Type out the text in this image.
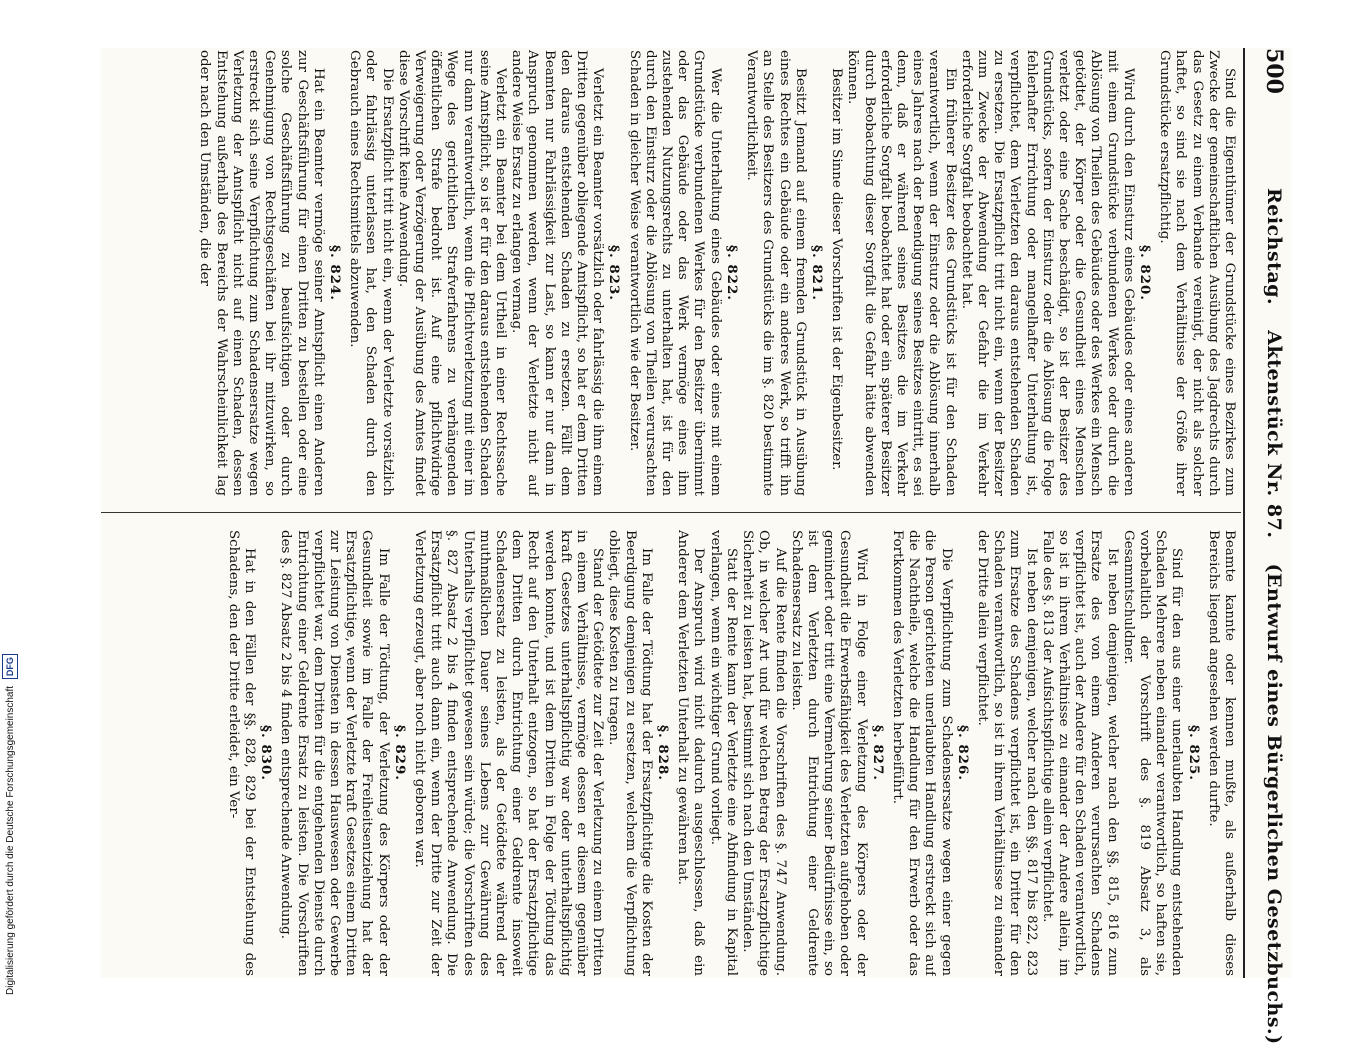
500
Reichstag. Aktenstück Nr. 87. (Entwurf eines Bürgerlichen Gesetzbuchs.)

Sind die Eigenthümer der Grundstücke eines Bezirkes zum Zwecke der gemeinschaftlichen Ausübung des Jagdrechts durch das Gesetz zu einem Verbande vereinigt, der nicht als solcher haftet, so sind sie nach dem Verhältnisse der Größe ihrer Grundstücke ersatzpflichtig.

§. 820.

Wird durch den Einsturz eines Gebäudes oder eines anderen mit einem Grundstücke verbundenen Werkes oder durch die Ablösung von Theilen des Gebäudes oder des Werkes ein Mensch getödtet, der Körper oder die Gesundheit eines Menschen verletzt oder eine Sache beschädigt, so ist der Besitzer des Grundstücks, sofern der Einsturz oder die Ablösung die Folge fehlerhafter Errichtung oder mangelhafter Unterhaltung ist, verpflichtet, dem Verletzten den daraus entstehenden Schaden zu ersetzen. Die Ersatzpflicht tritt nicht ein, wenn der Besitzer zum Zwecke der Abwendung der Gefahr die im Verkehr erforderliche Sorgfalt beobachtet hat.

Ein früherer Besitzer des Grundstücks ist für den Schaden verantwortlich, wenn der Einsturz oder die Ablösung innerhalb eines Jahres nach der Beendigung seines Besitzes eintritt, es sei denn, daß er während seines Besitzes die im Verkehr erforderliche Sorgfalt beobachtet hat oder ein späterer Besitzer durch Beobachtung dieser Sorgfalt die Gefahr hätte abwenden können.

Besitzer im Sinne dieser Vorschriften ist der Eigenbesitzer.

§. 821.

Besitzt Jemand auf einem fremden Grundstück in Ausübung eines Rechtes ein Gebäude oder ein anderes Werk, so trifft ihn an Stelle des Besitzers des Grundstücks die im §. 820 bestimmte Verantwortlichkeit.

§. 822.

Wer die Unterhaltung eines Gebäudes oder eines mit einem Grundstücke verbundenen Werkes für den Besitzer übernimmt oder das Gebäude oder das Werk vermöge eines ihm zustehenden Nutzungsrechts zu unterhalten hat, ist für den durch den Einsturz oder die Ablösung von Theilen verursachten Schaden in gleicher Weise verantwortlich wie der Besitzer.

§. 823.

Verletzt ein Beamter vorsätzlich oder fahrlässig die ihm einem Dritten gegenüber obliegende Amtspflicht, so hat er dem Dritten den daraus entstehenden Schaden zu ersetzen. Fällt dem Beamten nur Fahrlässigkeit zur Last, so kann er nur dann in Anspruch genommen werden, wenn der Verletzte nicht auf andere Weise Ersatz zu erlangen vermag.

Verletzt ein Beamter bei dem Urtheil in einer Rechtssache seine Amtspflicht, so ist er für den daraus entstehenden Schaden nur dann verantwortlich, wenn die Pflichtverletzung mit einer im Wege des gerichtlichen Strafverfahrens zu verhängenden öffentlichen Strafe bedroht ist. Auf eine pflichtwidrige Verweigerung oder Verzögerung der Ausübung des Amtes findet diese Vorschrift keine Anwendung.

Die Ersatzpflicht tritt nicht ein, wenn der Verletzte vorsätzlich oder fahrlässig unterlassen hat, den Schaden durch den Gebrauch eines Rechtsmittels abzuwenden.

§. 824.

Hat ein Beamter vermöge seiner Amtspflicht einen Anderen zur Geschäftsführung für einen Dritten zu bestellen oder eine solche Geschäftsführung zu beaufsichtigen oder durch Genehmigung von Rechtsgeschäften bei ihr mitzuwirken, so erstreckt sich seine Verpflichtung zum Schadensersatze wegen Verletzung der Amtspflicht nicht auf einen Schaden, dessen Entstehung außerhalb des Bereichs der Wahrscheinlichkeit lag oder nach den Umständen, die der

Beamte kannte oder kennen mußte, als außerhalb dieses Bereichs liegend angesehen werden durfte.

§. 825.

Sind für den aus einer unerlaubten Handlung entstehenden Schaden Mehrere neben einander verantwortlich, so haften sie, vorbehaltlich der Vorschrift des §. 819 Absatz 3, als Gesammtschuldner.

Ist neben demjenigen, welcher nach den §§. 815, 816 zum Ersatze des von einem Anderen verursachten Schadens verpflichtet ist, auch der Andere für den Schaden verantwortlich, so ist in ihrem Verhältnisse zu einander der Andere allein, im Falle des §. 813 der Aufsichtspflichtige allein verpflichtet.

Ist neben demjenigen, welcher nach den §§. 817 bis 822, 823 zum Ersatze des Schadens verpflichtet ist, ein Dritter für den Schaden verantwortlich, so ist in ihrem Verhältnisse zu einander der Dritte allein verpflichtet.

§. 826.

Die Verpflichtung zum Schadensersatze wegen einer gegen die Person gerichteten unerlaubten Handlung erstreckt sich auf die Nachtheile, welche die Handlung für den Erwerb oder das Fortkommen des Verletzten herbeiführt.

§. 827.

Wird in Folge einer Verletzung des Körpers oder der Gesundheit die Erwerbsfähigkeit des Verletzten aufgehoben oder gemindert oder tritt eine Vermehrung seiner Bedürfnisse ein, so ist dem Verletzten durch Entrichtung einer Geldrente Schadensersatz zu leisten.

Auf die Rente finden die Vorschriften des §. 747 Anwendung. Ob, in welcher Art und für welchen Betrag der Ersatzpflichtige Sicherheit zu leisten hat, bestimmt sich nach den Umständen.

Statt der Rente kann der Verletzte eine Abfindung in Kapital verlangen, wenn ein wichtiger Grund vorliegt.

Der Anspruch wird nicht dadurch ausgeschlossen, daß ein Anderer dem Verletzten Unterhalt zu gewähren hat.

§. 828.

Im Falle der Tödtung hat der Ersatzpflichtige die Kosten der Beerdigung demjenigen zu ersetzen, welchem die Verpflichtung obliegt, diese Kosten zu tragen.

Stand der Getödtete zur Zeit der Verletzung zu einem Dritten in einem Verhältnisse, vermöge dessen er diesem gegenüber kraft Gesetzes unterhaltspflichtig war oder unterhaltspflichtig werden konnte, und ist dem Dritten in Folge der Tödtung das Recht auf den Unterhalt entzogen, so hat der Ersatzpflichtige dem Dritten durch Entrichtung einer Geldrente insoweit Schadensersatz zu leisten, als der Getödtete während der muthmaßlichen Dauer seines Lebens zur Gewährung des Unterhalts verpflichtet gewesen sein würde; die Vorschriften des §. 827 Absatz 2 bis 4 finden entsprechende Anwendung. Die Ersatzpflicht tritt auch dann ein, wenn der Dritte zur Zeit der Verletzung erzeugt, aber noch nicht geboren war.

§. 829.

Im Falle der Tödtung, der Verletzung des Körpers oder der Gesundheit sowie im Falle der Freiheitsentziehung hat der Ersatzpflichtige, wenn der Verletzte kraft Gesetzes einem Dritten zur Leistung von Diensten in dessen Hauswesen oder Gewerbe verpflichtet war, dem Dritten für die entgehenden Dienste durch Entrichtung einer Geldrente Ersatz zu leisten. Die Vorschriften des §. 827 Absatz 2 bis 4 finden entsprechende Anwendung.

§. 830.

Hat in den Fällen der §§. 828, 829 bei der Entstehung des Schadens, den der Dritte erleidet, ein Ver-

Digitalisierung gefördert durch die Deutsche Forschungsgemeinschaft DFG
